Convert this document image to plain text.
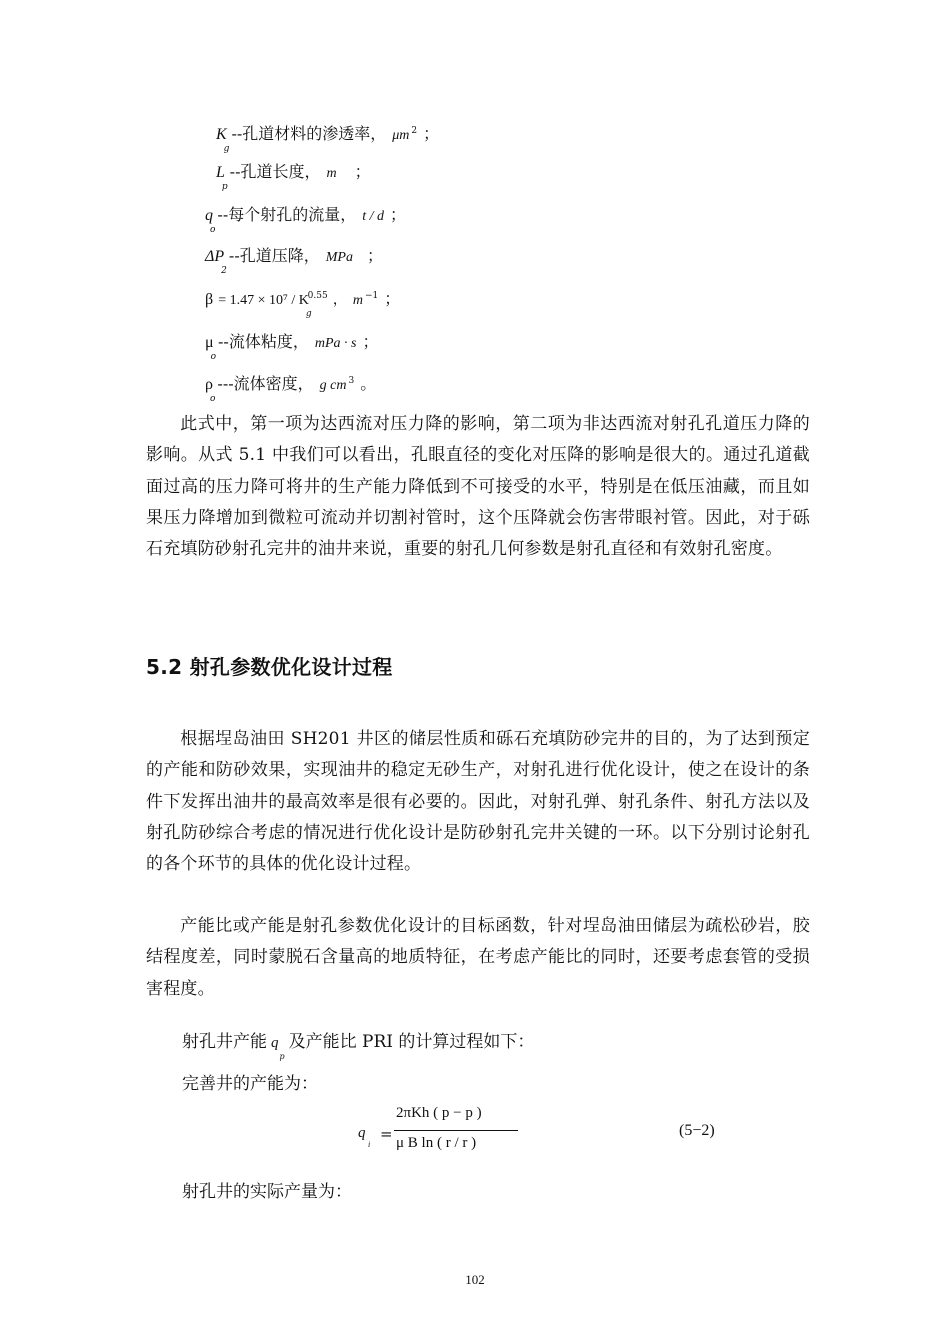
$K_g--$孔道材料的渗透率， μm $^2$ ；
$L_p--$孔道长度， m ；
$q_o--$每个射孔的流量， t / d ；
$\Delta P_2--$孔道压降， MPa ；
$\beta = 1.47 \times 10^7 / K_g^{0.55}$ ， m $^{-1}$ ；
$\mu_o--$流体粘度， mPa · s ；
$\rho_o---$流体密度， g cm $^3$ 。
此式中，第一项为达西流对压力降的影响，第二项为非达西流对射孔孔道压力降的影响。从式 5.1 中我们可以看出，孔眼直径的变化对压降的影响是很大的。通过孔道截面过高的压力降可将井的生产能力降低到不可接受的水平，特别是在低压油藏，而且如果压力降增加到微粒可流动并切割衬管时，这个压降就会伤害带眼衬管。因此，对于砾石充填防砂射孔完井的油井来说，重要的射孔几何参数是射孔直径和有效射孔密度。
5.2 射孔参数优化设计过程
根据埕岛油田 SH201 井区的储层性质和砾石充填防砂完井的目的，为了达到预定的产能和防砂效果，实现油井的稳定无砂生产，对射孔进行优化设计，使之在设计的条件下发挥出油井的最高效率是很有必要的。因此，对射孔弹、射孔条件、射孔方法以及射孔防砂综合考虑的情况进行优化设计是防砂射孔完井关键的一环。以下分别讨论射孔的各个环节的具体的优化设计过程。
产能比或产能是射孔参数优化设计的目标函数，针对埕岛油田储层为疏松砂岩，胶结程度差，同时蒙脱石含量高的地质特征，在考虑产能比的同时，还要考虑套管的受损害程度。
射孔井产能 $q_p$及产能比 PRI 的计算过程如下：
完善井的产能为：
q
i
=
2πKh ( p − p )
μ B ln ( r / r )
(5−2)
射孔井的实际产量为：
102
